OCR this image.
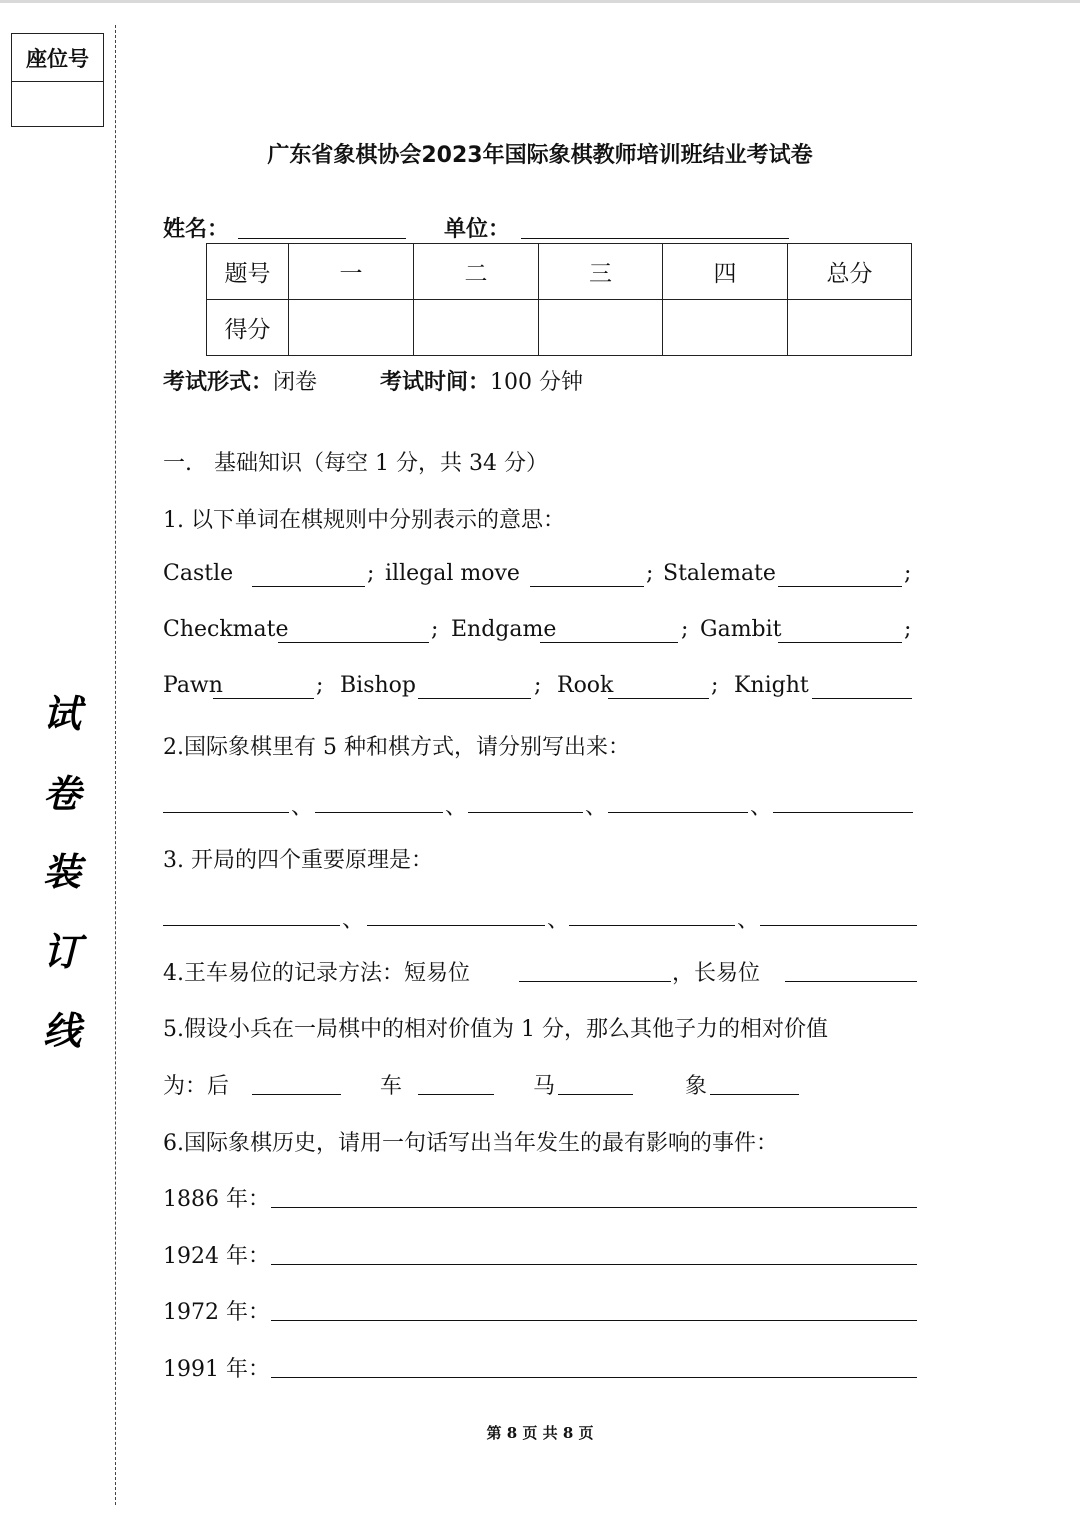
座位号
试
卷
装
订
线
广东省象棋协会2023年国际象棋教师培训班结业考试卷
姓名：	单位：
题号	一	二	三	四	总分
得分					
考试形式：闭卷	考试时间：100 分钟
一.　基础知识（每空 1 分，共 34 分）
1. 以下单词在棋规则中分别表示的意思：
Castle	; illegal move	; Stalemate	;
Checkmate	; Endgame	; Gambit	;
Pawn	; Bishop	; Rook	; Knight
2.国际象棋里有 5 种和棋方式，请分别写出来：
、	、	、	、
3. 开局的四个重要原理是：
、	、	、
4.王车易位的记录方法：短易位	，长易位
5.假设小兵在一局棋中的相对价值为 1 分，那么其他子力的相对价值
为：后	车	马	象
6.国际象棋历史，请用一句话写出当年发生的最有影响的事件：
1886 年：
1924 年：
1972 年：
1991 年：
第 8 页 共 8 页
